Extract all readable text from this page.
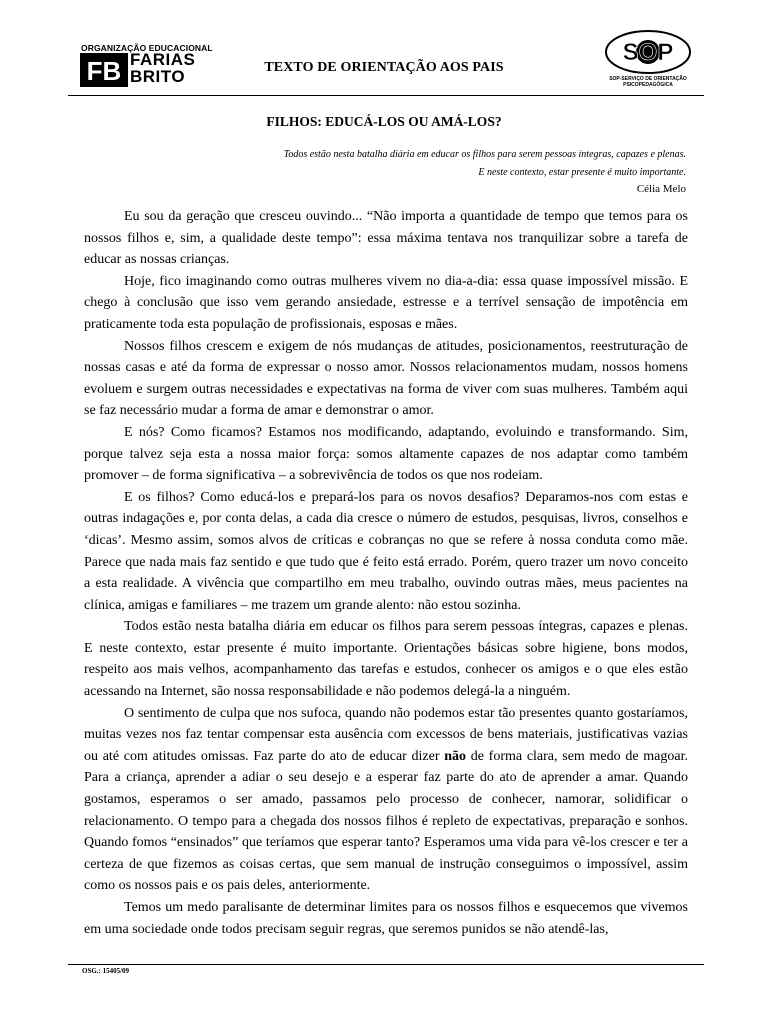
ORGANIZAÇÃO EDUCACIONAL
FB FARIAS
BRITO	TEXTO DE ORIENTAÇÃO AOS PAIS
SOP
SOP-SERVIÇO DE ORIENTAÇÃO
PSICOPEDAGÓGICA
FILHOS: EDUCÁ-LOS OU AMÁ-LOS?
Todos estão nesta batalha diária em educar os filhos para serem pessoas íntegras, capazes e plenas.
E neste contexto, estar presente é muito importante.
Célia Melo

Eu sou da geração que cresceu ouvindo... “Não importa a quantidade de tempo que temos para os nossos filhos e, sim, a qualidade deste tempo”: essa máxima tentava nos tranquilizar sobre a tarefa de educar as nossas crianças.

Hoje, fico imaginando como outras mulheres vivem no dia-a-dia: essa quase impossível missão. E chego à conclusão que isso vem gerando ansiedade, estresse e a terrível sensação de impotência em praticamente toda esta população de profissionais, esposas e mães.

Nossos filhos crescem e exigem de nós mudanças de atitudes, posicionamentos, reestruturação de nossas casas e até da forma de expressar o nosso amor. Nossos relacionamentos mudam, nossos homens evoluem e surgem outras necessidades e expectativas na forma de viver com suas mulheres. Também aqui se faz necessário mudar a forma de amar e demonstrar o amor.

E nós? Como ficamos? Estamos nos modificando, adaptando, evoluindo e transformando. Sim, porque talvez seja esta a nossa maior força: somos altamente capazes de nos adaptar como também promover – de forma significativa – a sobrevivência de todos os que nos rodeiam.

E os filhos? Como educá-los e prepará-los para os novos desafios? Deparamos-nos com estas e outras indagações e, por conta delas, a cada dia cresce o número de estudos, pesquisas, livros, conselhos e ‘dicas’. Mesmo assim, somos alvos de críticas e cobranças no que se refere à nossa conduta como mãe. Parece que nada mais faz sentido e que tudo que é feito está errado. Porém, quero trazer um novo conceito a esta realidade. A vivência que compartilho em meu trabalho, ouvindo outras mães, meus pacientes na clínica, amigas e familiares – me trazem um grande alento: não estou sozinha.

Todos estão nesta batalha diária em educar os filhos para serem pessoas íntegras, capazes e plenas. E neste contexto, estar presente é muito importante. Orientações básicas sobre higiene, bons modos, respeito aos mais velhos, acompanhamento das tarefas e estudos, conhecer os amigos e o que eles estão acessando na Internet, são nossa responsabilidade e não podemos delegá-la a ninguém.

O sentimento de culpa que nos sufoca, quando não podemos estar tão presentes quanto gostaríamos, muitas vezes nos faz tentar compensar esta ausência com excessos de bens materiais, justificativas vazias ou até com atitudes omissas. Faz parte do ato de educar dizer não de forma clara, sem medo de magoar. Para a criança, aprender a adiar o seu desejo e a esperar faz parte do ato de aprender a amar. Quando gostamos, esperamos o ser amado, passamos pelo processo de conhecer, namorar, solidificar o relacionamento. O tempo para a chegada dos nossos filhos é repleto de expectativas, preparação e sonhos. Quando fomos “ensinados” que teríamos que esperar tanto? Esperamos uma vida para vê-los crescer e ter a certeza de que fizemos as coisas certas, que sem manual de instrução conseguimos o impossível, assim como os nossos pais e os pais deles, anteriormente.

Temos um medo paralisante de determinar limites para os nossos filhos e esquecemos que vivemos em uma sociedade onde todos precisam seguir regras, que seremos punidos se não atendê-las,

OSG.: 15405/09
